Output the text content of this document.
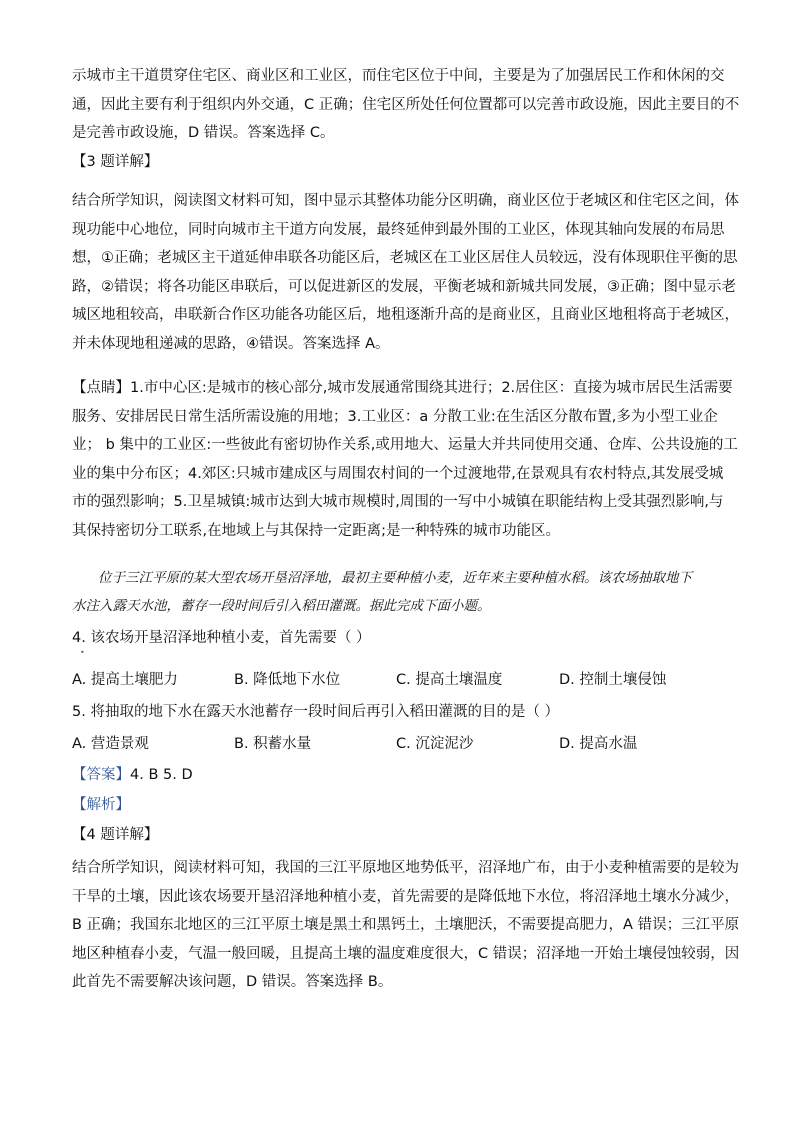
示城市主干道贯穿住宅区、商业区和工业区，而住宅区位于中间，主要是为了加强居民工作和休闲的交
通，因此主要有利于组织内外交通，C 正确；住宅区所处任何位置都可以完善市政设施，因此主要目的不
是完善市政设施，D 错误。答案选择 C。
【3 题详解】
结合所学知识，阅读图文材料可知，图中显示其整体功能分区明确，商业区位于老城区和住宅区之间，体
现功能中心地位，同时向城市主干道方向发展，最终延伸到最外围的工业区，体现其轴向发展的布局思
想，①正确；老城区主干道延伸串联各功能区后，老城区在工业区居住人员较远，没有体现职住平衡的思
路，②错误；将各功能区串联后，可以促进新区的发展，平衡老城和新城共同发展，③正确；图中显示老
城区地租较高，串联新合作区功能各功能区后，地租逐渐升高的是商业区，且商业区地租将高于老城区，
并未体现地租递减的思路，④错误。答案选择 A。
【点睛】1.市中心区:是城市的核心部分,城市发展通常围绕其进行；2.居住区：直接为城市居民生活需要
服务、安排居民日常生活所需设施的用地；3.工业区：a 分散工业:在生活区分散布置,多为小型工业企
业； b 集中的工业区:一些彼此有密切协作关系,或用地大、运量大并共同使用交通、仓库、公共设施的工
业的集中分布区；4.郊区:只城市建成区与周围农村间的一个过渡地带,在景观具有农村特点,其发展受城
市的强烈影响；5.卫星城镇:城市达到大城市规模时,周围的一写中小城镇在职能结构上受其强烈影响,与
其保持密切分工联系,在地域上与其保持一定距离;是一种特殊的城市功能区。
位于三江平原的某大型农场开垦沼泽地，最初主要种植小麦，近年来主要种植水稻。该农场抽取地下
水注入露天水池，蓄存一段时间后引入稻田灌溉。据此完成下面小题。
4. 该农场开垦沼泽地种植小麦，首先需要（ ）
•
A. 提高土壤肥力	B. 降低地下水位	C. 提高土壤温度	D. 控制土壤侵蚀
5. 将抽取的地下水在露天水池蓄存一段时间后再引入稻田灌溉的目的是（ ）
A. 营造景观	B. 积蓄水量	C. 沉淀泥沙	D. 提高水温
【答案】4. B 5. D
【解析】
【4 题详解】
结合所学知识，阅读材料可知，我国的三江平原地区地势低平，沼泽地广布，由于小麦种植需要的是较为
干旱的土壤，因此该农场要开垦沼泽地种植小麦，首先需要的是降低地下水位，将沼泽地土壤水分减少，
B 正确；我国东北地区的三江平原土壤是黑土和黑钙土，土壤肥沃，不需要提高肥力，A 错误；三江平原
地区种植春小麦，气温一般回暖，且提高土壤的温度难度很大，C 错误；沼泽地一开始土壤侵蚀较弱，因
此首先不需要解决该问题，D 错误。答案选择 B。
